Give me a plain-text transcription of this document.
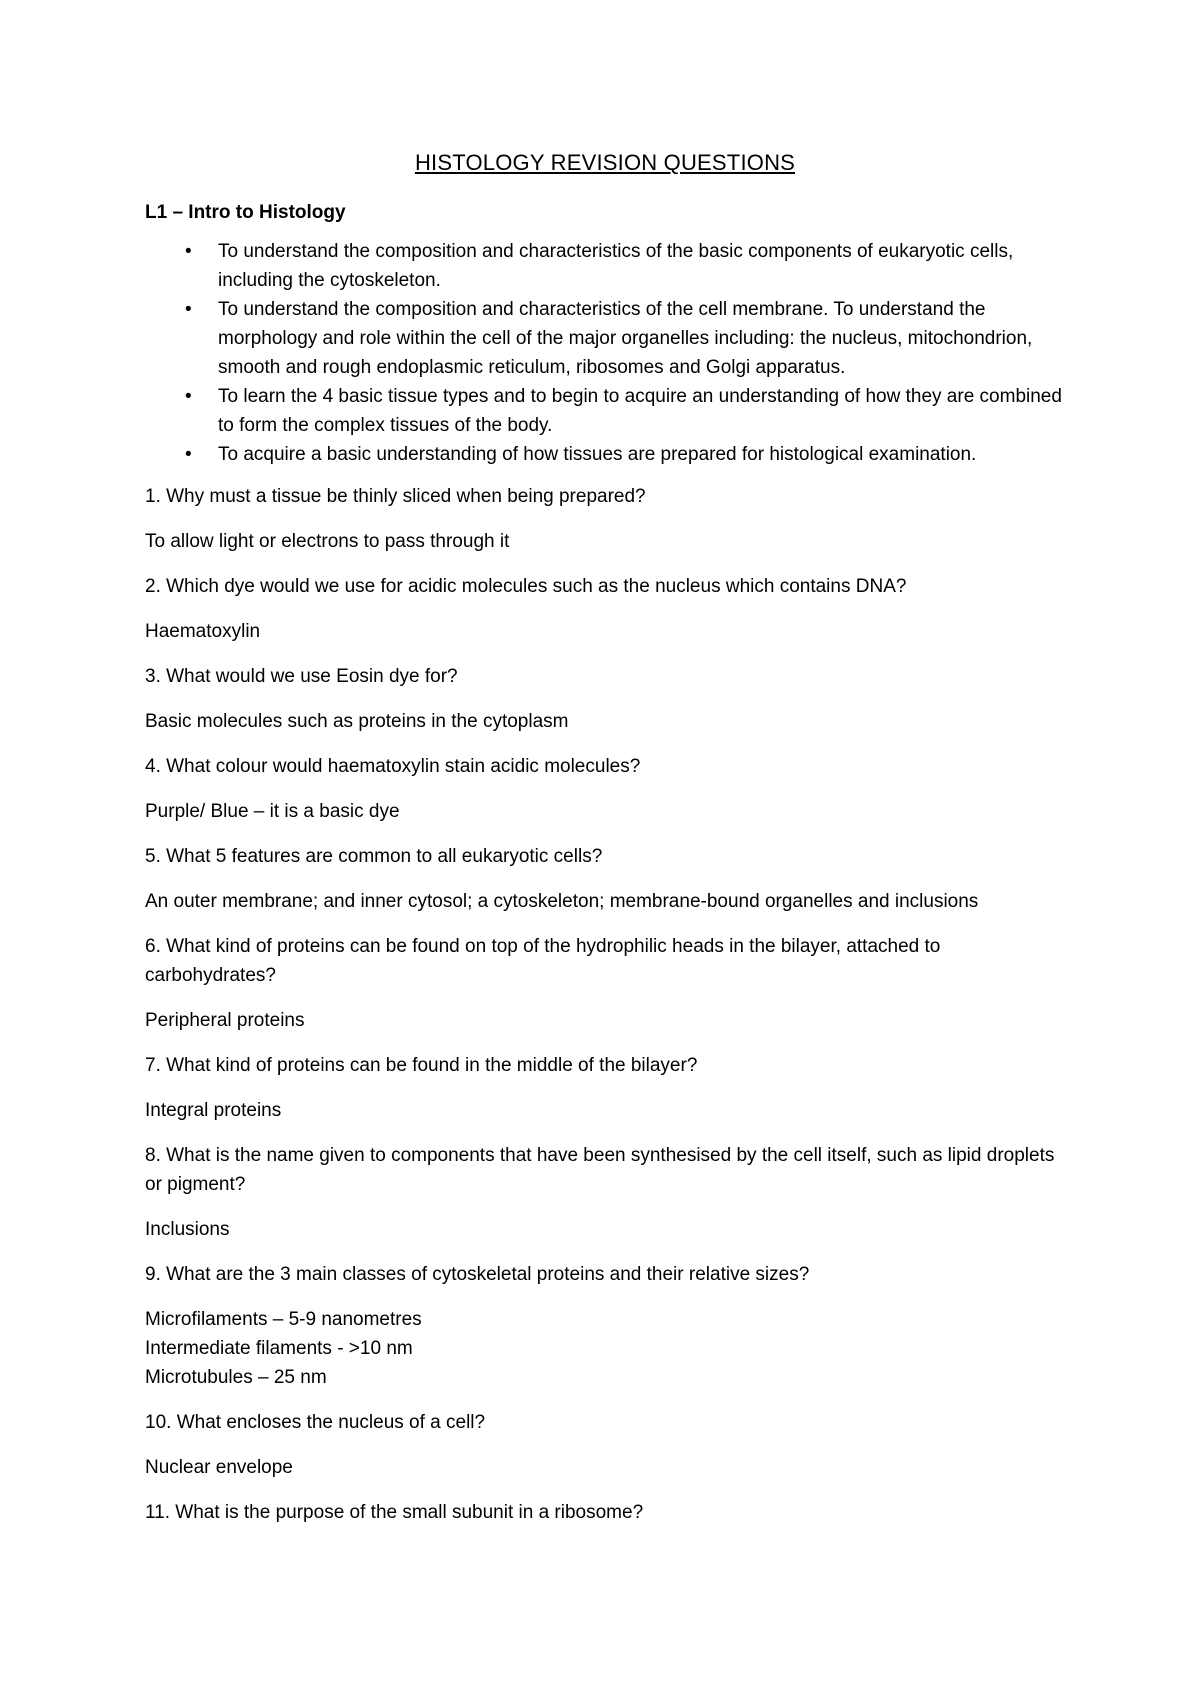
HISTOLOGY REVISION QUESTIONS
L1 – Intro to Histology
• To understand the composition and characteristics of the basic components of eukaryotic cells, including the cytoskeleton.
• To understand the composition and characteristics of the cell membrane. To understand the morphology and role within the cell of the major organelles including: the nucleus, mitochondrion, smooth and rough endoplasmic reticulum, ribosomes and Golgi apparatus.
• To learn the 4 basic tissue types and to begin to acquire an understanding of how they are combined to form the complex tissues of the body.
• To acquire a basic understanding of how tissues are prepared for histological examination.
1. Why must a tissue be thinly sliced when being prepared?
To allow light or electrons to pass through it
2. Which dye would we use for acidic molecules such as the nucleus which contains DNA?
Haematoxylin
3. What would we use Eosin dye for?
Basic molecules such as proteins in the cytoplasm
4. What colour would haematoxylin stain acidic molecules?
Purple/ Blue – it is a basic dye
5. What 5 features are common to all eukaryotic cells?
An outer membrane; and inner cytosol; a cytoskeleton; membrane-bound organelles and inclusions
6. What kind of proteins can be found on top of the hydrophilic heads in the bilayer, attached to carbohydrates?
Peripheral proteins
7. What kind of proteins can be found in the middle of the bilayer?
Integral proteins
8. What is the name given to components that have been synthesised by the cell itself, such as lipid droplets or pigment?
Inclusions
9. What are the 3 main classes of cytoskeletal proteins and their relative sizes?
Microfilaments – 5-9 nanometres
Intermediate filaments - >10 nm
Microtubules – 25 nm
10. What encloses the nucleus of a cell?
Nuclear envelope
11. What is the purpose of the small subunit in a ribosome?
